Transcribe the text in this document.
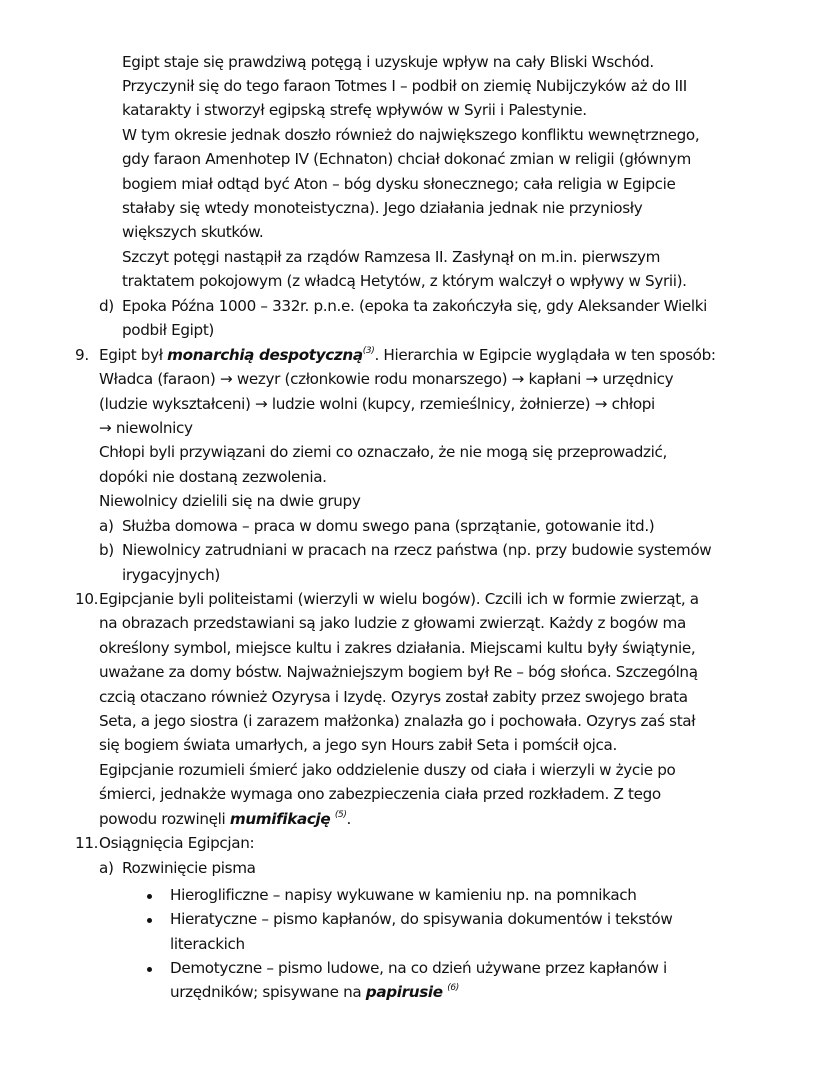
Egipt staje się prawdziwą potęgą i uzyskuje wpływ na cały Bliski Wschód.
Przyczynił się do tego faraon Totmes I – podbił on ziemię Nubijczyków aż do III
katarakty i stworzył egipską strefę wpływów w Syrii i Palestynie.
W tym okresie jednak doszło również do największego konfliktu wewnętrznego,
gdy faraon Amenhotep IV (Echnaton) chciał dokonać zmian w religii (głównym
bogiem miał odtąd być Aton – bóg dysku słonecznego; cała religia w Egipcie
stałaby się wtedy monoteistyczna). Jego działania jednak nie przyniosły
większych skutków.
Szczyt potęgi nastąpił za rządów Ramzesa II. Zasłynął on m.in. pierwszym
traktatem pokojowym (z władcą Hetytów, z którym walczył o wpływy w Syrii).
d) Epoka Późna 1000 – 332r. p.n.e. (epoka ta zakończyła się, gdy Aleksander Wielki
podbił Egipt)
9. Egipt był monarchią despotyczną$^{(3)}$. Hierarchia w Egipcie wyglądała w ten sposób:
Władca (faraon) → wezyr (członkowie rodu monarszego) → kapłani → urzędnicy
(ludzie wykształceni) → ludzie wolni (kupcy, rzemieślnicy, żołnierze) → chłopi
→ niewolnicy
Chłopi byli przywiązani do ziemi co oznaczało, że nie mogą się przeprowadzić,
dopóki nie dostaną zezwolenia.
Niewolnicy dzielili się na dwie grupy
a) Służba domowa – praca w domu swego pana (sprzątanie, gotowanie itd.)
b) Niewolnicy zatrudniani w pracach na rzecz państwa (np. przy budowie systemów
irygacyjnych)
10. Egipcjanie byli politeistami (wierzyli w wielu bogów). Czcili ich w formie zwierząt, a
na obrazach przedstawiani są jako ludzie z głowami zwierząt. Każdy z bogów ma
określony symbol, miejsce kultu i zakres działania. Miejscami kultu były świątynie,
uważane za domy bóstw. Najważniejszym bogiem był Re – bóg słońca. Szczególną
czcią otaczano również Ozyrysa i Izydę. Ozyrys został zabity przez swojego brata
Seta, a jego siostra (i zarazem małżonka) znalazła go i pochowała. Ozyrys zaś stał
się bogiem świata umarłych, a jego syn Hours zabił Seta i pomścił ojca.
Egipcjanie rozumieli śmierć jako oddzielenie duszy od ciała i wierzyli w życie po
śmierci, jednakże wymaga ono zabezpieczenia ciała przed rozkładem. Z tego
powodu rozwinęli mumifikację $^{(5)}$.
11. Osiągnięcia Egipcjan:
a) Rozwinięcie pisma
Hieroglificzne – napisy wykuwane w kamieniu np. na pomnikach
Hieratyczne – pismo kapłanów, do spisywania dokumentów i tekstów
literackich
Demotyczne – pismo ludowe, na co dzień używane przez kapłanów i
urzędników; spisywane na papirusie $^{(6)}$
